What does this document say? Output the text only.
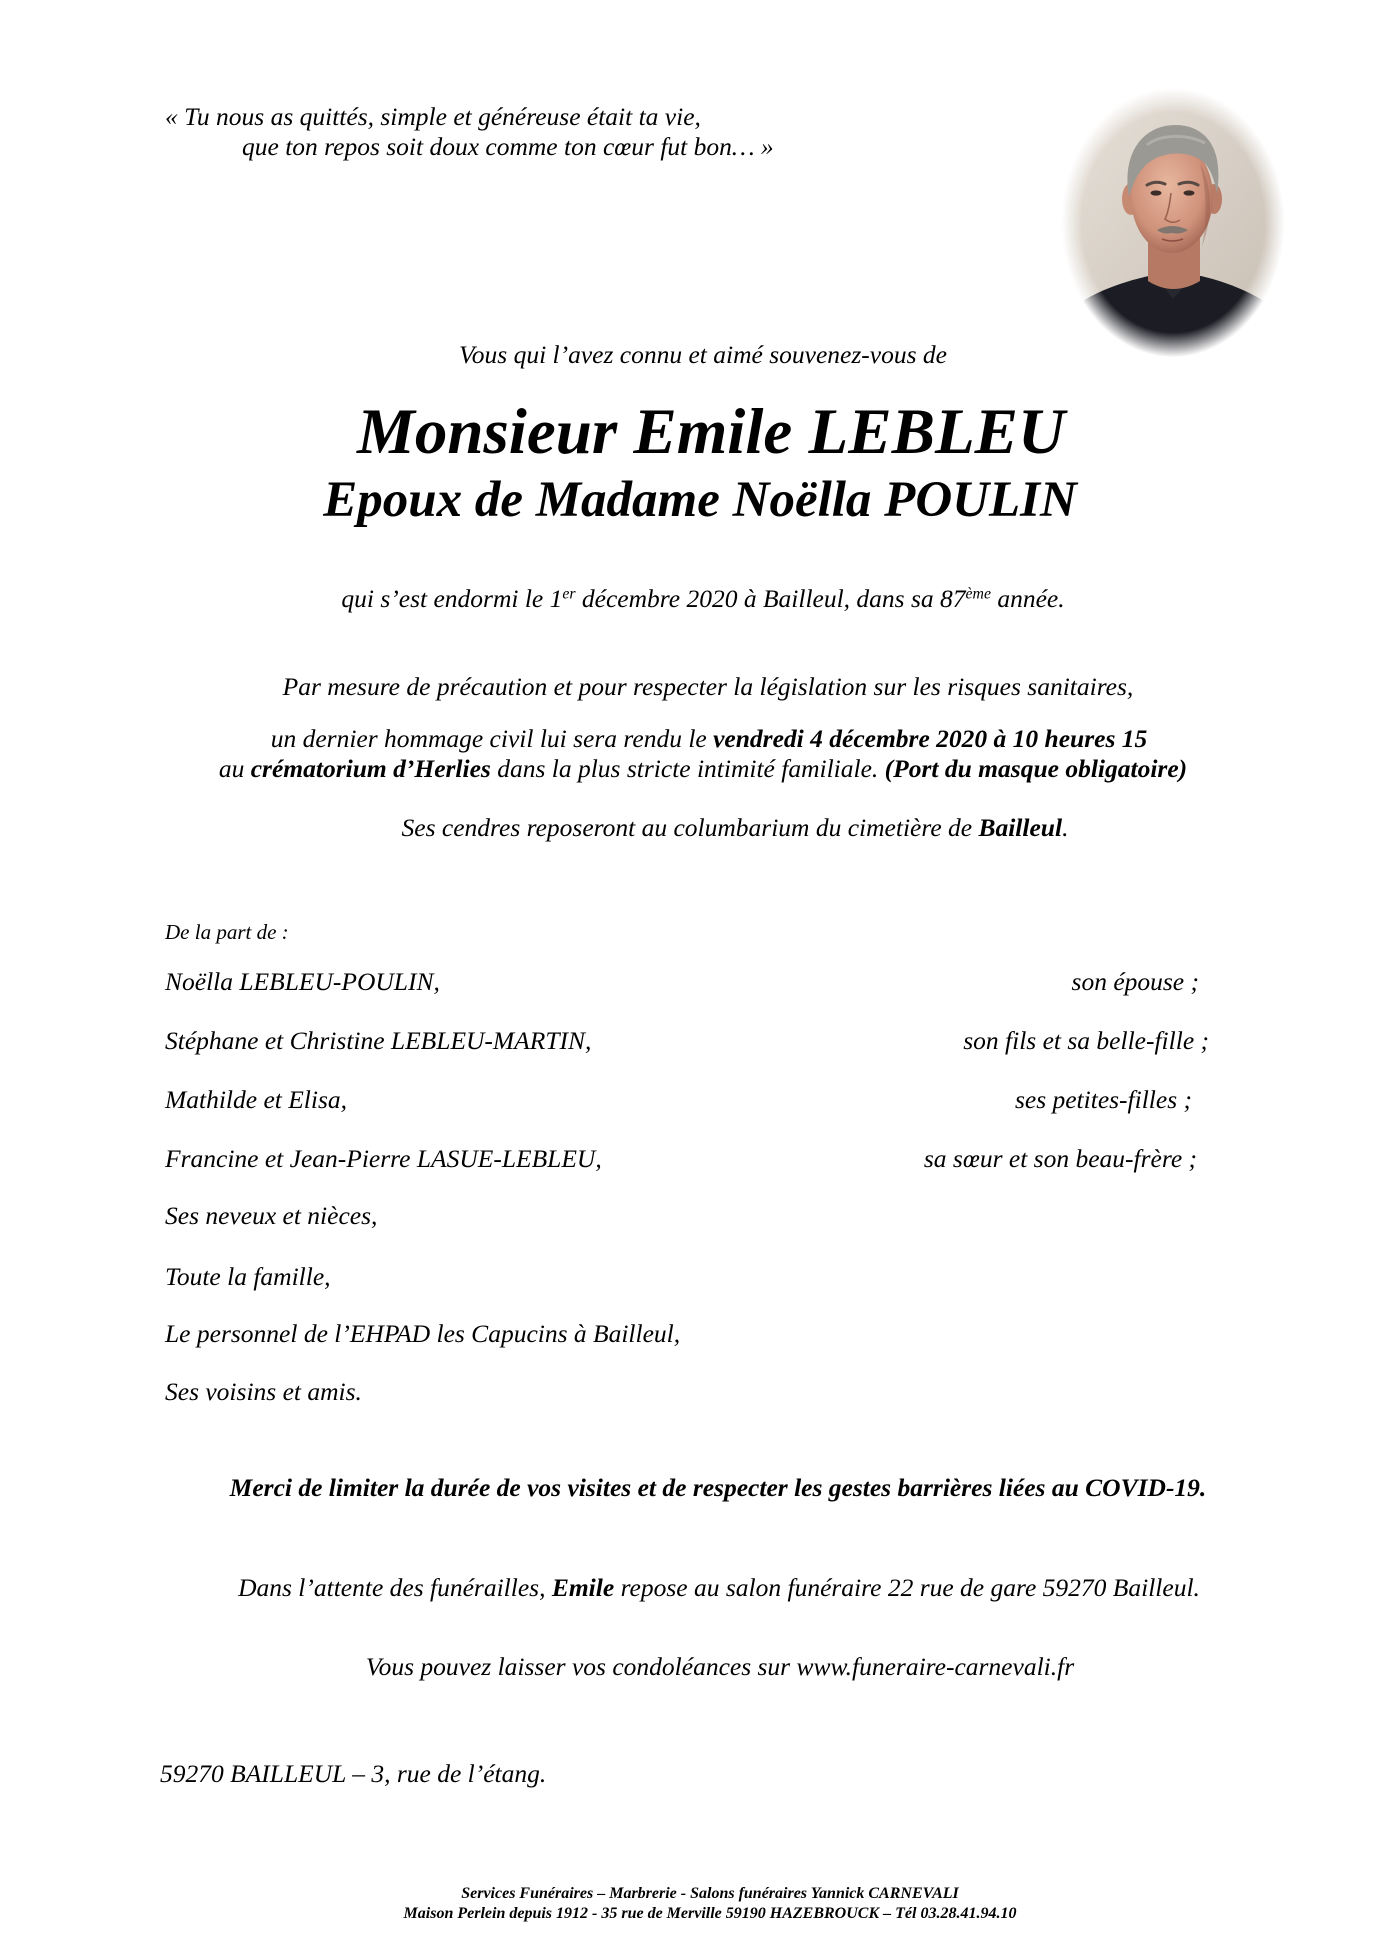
« Tu nous as quittés, simple et généreuse était ta vie,
que ton repos soit doux comme ton cœur fut bon… »
Vous qui l’avez connu et aimé souvenez-vous de
Monsieur Emile LEBLEU
Epoux de Madame Noëlla POULIN
qui s’est endormi le 1er décembre 2020 à Bailleul, dans sa 87ème année.
Par mesure de précaution et pour respecter la législation sur les risques sanitaires,
un dernier hommage civil lui sera rendu le vendredi 4 décembre 2020 à 10 heures 15
au crématorium d’Herlies dans la plus stricte intimité familiale. (Port du masque obligatoire)
Ses cendres reposeront au columbarium du cimetière de Bailleul.
De la part de :
Noëlla LEBLEU-POULIN,	son épouse ;
Stéphane et Christine LEBLEU-MARTIN,	son fils et sa belle-fille ;
Mathilde et Elisa,	ses petites-filles ;
Francine et Jean-Pierre LASUE-LEBLEU,	sa sœur et son beau-frère ;
Ses neveux et nièces,
Toute la famille,
Le personnel de l’EHPAD les Capucins à Bailleul,
Ses voisins et amis.
Merci de limiter la durée de vos visites et de respecter les gestes barrières liées au COVID-19.
Dans l’attente des funérailles, Emile repose au salon funéraire 22 rue de gare 59270 Bailleul.
Vous pouvez laisser vos condoléances sur www.funeraire-carnevali.fr
59270 BAILLEUL – 3, rue de l’étang.
Services Funéraires – Marbrerie - Salons funéraires Yannick CARNEVALI
Maison Perlein depuis 1912 - 35 rue de Merville 59190 HAZEBROUCK – Tél 03.28.41.94.10
